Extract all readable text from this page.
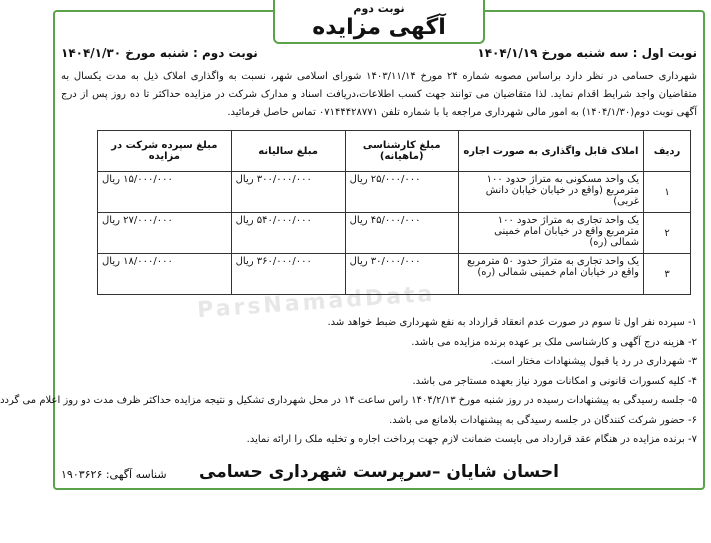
نوبت دوم
آگهی مزایده
نوبت اول : سه شنبه مورخ ۱۴۰۴/۱/۱۹
نوبت دوم : شنبه مورخ ۱۴۰۴/۱/۳۰
شهرداری حسامی در نظر دارد براساس مصوبه شماره ۲۴ مورخ ۱۴۰۳/۱۱/۱۴ شورای اسلامی شهر، نسبت به واگذاری املاک ذیل به مدت یکسال به متقاضیان واجد شرایط اقدام نماید. لذا متقاضیان می توانند جهت کسب اطلاعات،دریافت اسناد و مدارک شرکت در مزایده حداکثر تا ده روز پس از درج آگهی نوبت دوم(۱۴۰۴/۱/۳۰) به امور مالی شهرداری مراجعه یا با شماره تلفن ۰۷۱۴۴۴۲۸۷۷۱ تماس حاصل فرمائید.
ParsNamadData
ردیف	املاک قابل واگذاری به صورت اجاره	مبلغ کارشناسی (ماهیانه)	مبلغ سالیانه	مبلغ سپرده شرکت در مزایده
۱	یک واحد مسکونی به متراژ حدود ۱۰۰ مترمربع (واقع در خیابان خیابان دانش غربی)	۲۵/۰۰۰/۰۰۰ ریال	۳۰۰/۰۰۰/۰۰۰ ریال	۱۵/۰۰۰/۰۰۰ ریال
۲	یک واحد تجاری به متراژ حدود ۱۰۰ مترمربع واقع در خیابان امام خمینی شمالی (ره)	۴۵/۰۰۰/۰۰۰ ریال	۵۴۰/۰۰۰/۰۰۰ ریال	۲۷/۰۰۰/۰۰۰ ریال
۳	یک واحد تجاری به متراژ حدود ۵۰ مترمربع واقع در خیابان امام خمینی شمالی (ره)	۳۰/۰۰۰/۰۰۰ ریال	۳۶۰/۰۰۰/۰۰۰ ریال	۱۸/۰۰۰/۰۰۰ ریال
۱- سپرده نفر اول تا سوم در صورت عدم انعقاد قرارداد به نفع شهرداری ضبط خواهد شد.
۲- هزینه درج آگهی و کارشناسی ملک بر عهده برنده مزایده می باشد.
۳- شهرداری در رد یا قبول پیشنهادات مختار است.
۴- کلیه کسورات قانونی و امکانات مورد نیاز بعهده مستاجر می باشد.
۵- جلسه رسیدگی به پیشنهادات رسیده در روز شنبه مورخ ۱۴۰۴/۲/۱۳ راس ساعت ۱۴ در محل شهرداری تشکیل و نتیجه مزایده حداکثر ظرف مدت دو روز اعلام می گردد
۶- حضور شرکت کنندگان در جلسه رسیدگی به پیشنهادات بلامانع می باشد.
۷- برنده مزایده در هنگام عقد قرارداد می بایست ضمانت لازم جهت پرداخت اجاره و تخلیه ملک را ارائه نماید.
احسان شایان –سرپرست شهرداری حسامی
شناسه آگهی: ۱۹۰۳۶۲۶
